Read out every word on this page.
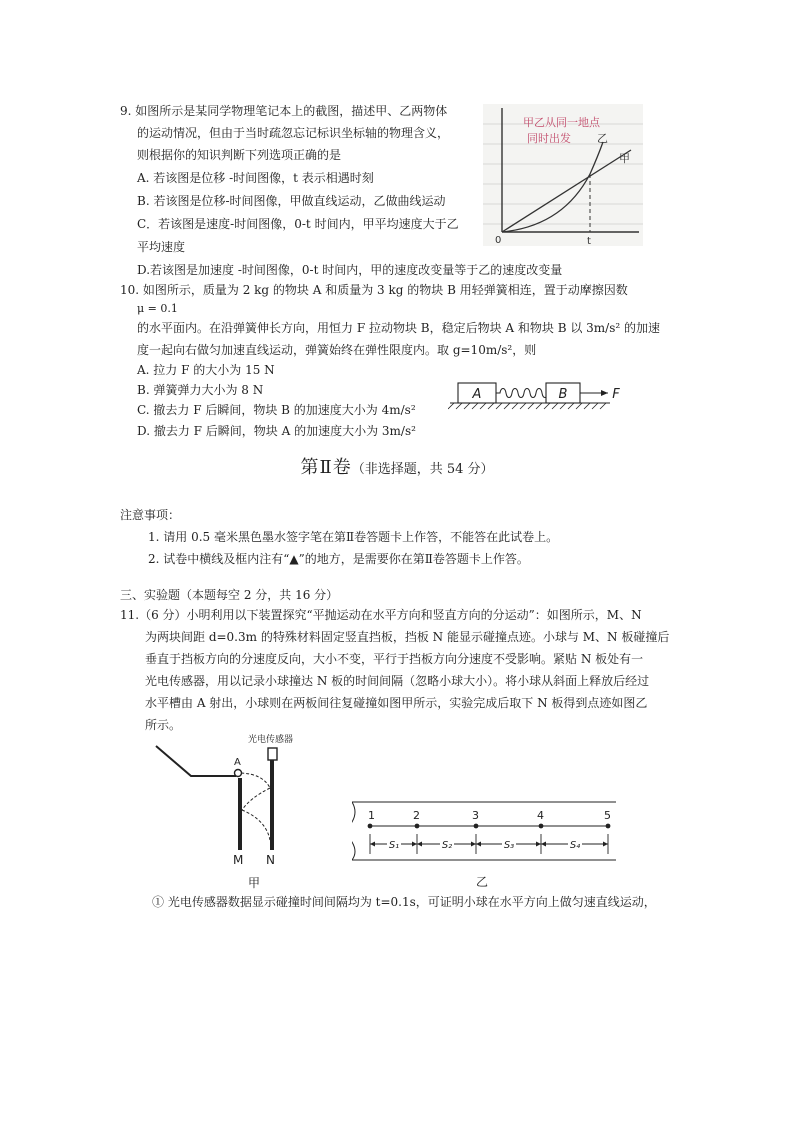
9. 如图所示是某同学物理笔记本上的截图，描述甲、乙两物体
的运动情况，但由于当时疏忽忘记标识坐标轴的物理含义，
则根据你的知识判断下列选项正确的是
A. 若该图是位移 -时间图像，t 表示相遇时刻
B. 若该图是位移-时间图像，甲做直线运动，乙做曲线运动
C．若该图是速度-时间图像，0-t 时间内，甲平均速度大于乙
平均速度
D.若该图是加速度 -时间图像，0-t 时间内，甲的速度改变量等于乙的速度改变量
甲乙从同一地点
同时出发 乙
甲
0	t
10. 如图所示，质量为 2 kg 的物块 A 和质量为 3 kg 的物块 B 用轻弹簧相连，置于动摩擦因数
μ = 0.1
的水平面内。在沿弹簧伸长方向，用恒力 F 拉动物块 B，稳定后物块 A 和物块 B 以 3m/s² 的加速
度一起向右做匀加速直线运动，弹簧始终在弹性限度内。取 g=10m/s²，则
A. 拉力 F 的大小为 15 N
B. 弹簧弹力大小为 8 N
C. 撤去力 F 后瞬间，物块 B 的加速度大小为 4m/s²
D. 撤去力 F 后瞬间，物块 A 的加速度大小为 3m/s²
A	B	F
第Ⅱ卷（非选择题，共 54 分）
注意事项：
1. 请用 0.5 毫米黑色墨水签字笔在第Ⅱ卷答题卡上作答，不能答在此试卷上。
2. 试卷中横线及框内注有“▲”的地方，是需要你在第Ⅱ卷答题卡上作答。
三、实验题（本题每空 2 分，共 16 分）
11.（6 分）小明利用以下装置探究“平抛运动在水平方向和竖直方向的分运动”：如图所示，M、N
为两块间距 d=0.3m 的特殊材料固定竖直挡板，挡板 N 能显示碰撞点迹。小球与 M、N 板碰撞后
垂直于挡板方向的分速度反向，大小不变，平行于挡板方向分速度不受影响。紧贴 N 板处有一
光电传感器，用以记录小球撞达 N 板的时间间隔（忽略小球大小）。将小球从斜面上释放后经过
水平槽由 A 射出，小球则在两板间往复碰撞如图甲所示，实验完成后取下 N 板得到点迹如图乙
所示。
光电传感器
A
M N
甲
1	2	3	4	5
S₁	S₂	S₃	S₄
乙
① 光电传感器数据显示碰撞时间间隔均为 t=0.1s，可证明小球在水平方向上做匀速直线运动，
